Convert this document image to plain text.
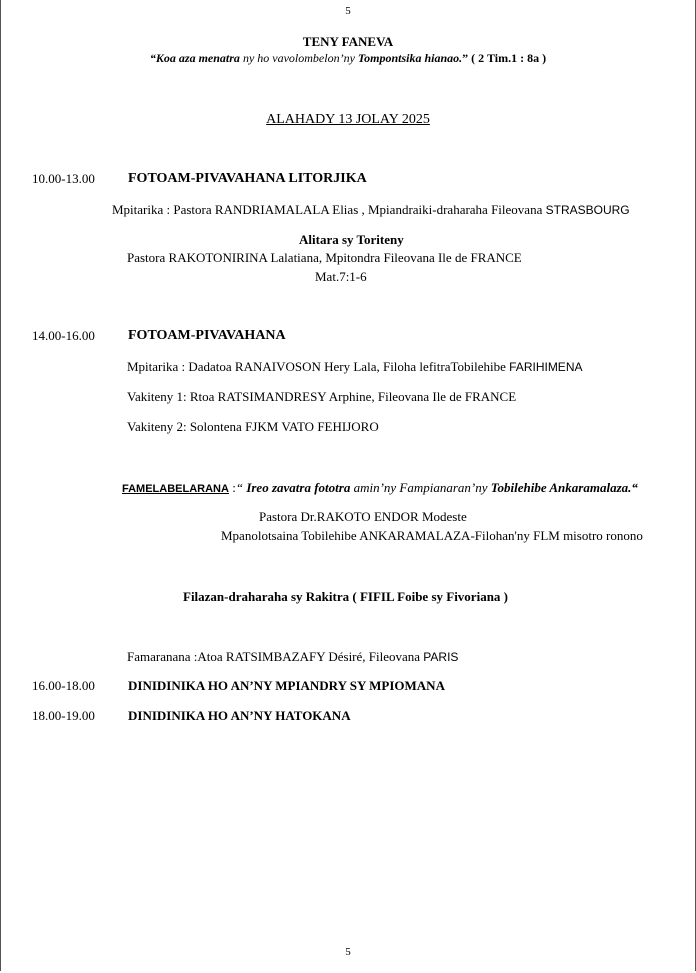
5
TENY FANEVA
“Koa aza menatra ny ho vavolombelon’ny Tompontsika hianao.” ( 2 Tim.1 : 8a )
ALAHADY 13 JOLAY 2025
10.00-13.00 FOTOAM-PIVAVAHANA LITORJIKA
Mpitarika : Pastora RANDRIAMALALA Elias , Mpiandraiki-draharaha Fileovana STRASBOURG
Alitara sy Toriteny
Pastora RAKOTONIRINA Lalatiana, Mpitondra Fileovana Ile de FRANCE
Mat.7:1-6
14.00-16.00 FOTOAM-PIVAVAHANA
Mpitarika : Dadatoa RANAIVOSON Hery Lala, Filoha lefitraTobilehibe FARIHIMENA
Vakiteny 1: Rtoa RATSIMANDRESY Arphine, Fileovana Ile de FRANCE
Vakiteny 2: Solontena FJKM VATO FEHIJORO
FAMELABELARANA :“ Ireo zavatra fototra amin’ny Fampianaran’ny Tobilehibe Ankaramalaza.“
Pastora Dr.RAKOTO ENDOR Modeste
Mpanolotsaina Tobilehibe ANKARAMALAZA-Filohan'ny FLM misotro ronono
Filazan-draharaha sy Rakitra ( FIFIL Foibe sy Fivoriana )
Famaranana :Atoa RATSIMBAZAFY Désiré, Fileovana PARIS
16.00-18.00	DINIDINIKA HO AN’NY MPIANDRY SY MPIOMANA
18.00-19.00	DINIDINIKA HO AN’NY HATOKANA
5
